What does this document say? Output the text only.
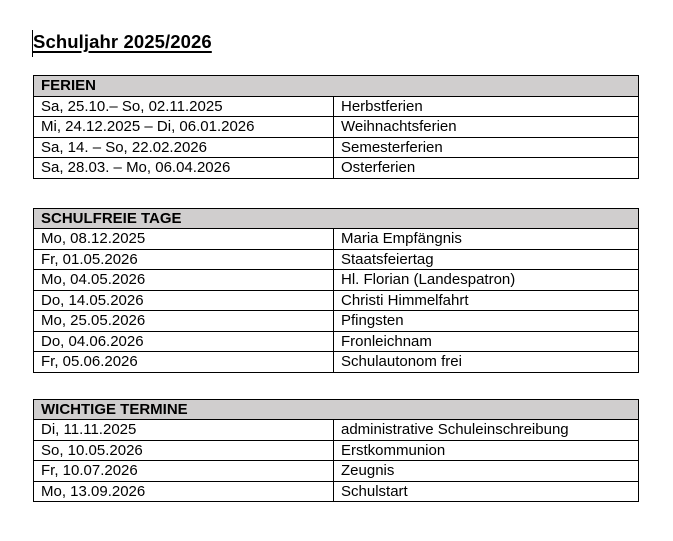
Schuljahr 2025/2026
FERIEN	
Sa, 25.10.– So, 02.11.2025	Herbstferien
Mi, 24.12.2025 – Di, 06.01.2026	Weihnachtsferien
Sa, 14. – So, 22.02.2026	Semesterferien
Sa, 28.03. – Mo, 06.04.2026	Osterferien
SCHULFREIE TAGE	
Mo, 08.12.2025	Maria Empfängnis
Fr, 01.05.2026	Staatsfeiertag
Mo, 04.05.2026	Hl. Florian (Landespatron)
Do, 14.05.2026	Christi Himmelfahrt
Mo, 25.05.2026	Pfingsten
Do, 04.06.2026	Fronleichnam
Fr, 05.06.2026	Schulautonom frei
WICHTIGE TERMINE	
Di, 11.11.2025	administrative Schuleinschreibung
So, 10.05.2026	Erstkommunion
Fr, 10.07.2026	Zeugnis
Mo, 13.09.2026	Schulstart
